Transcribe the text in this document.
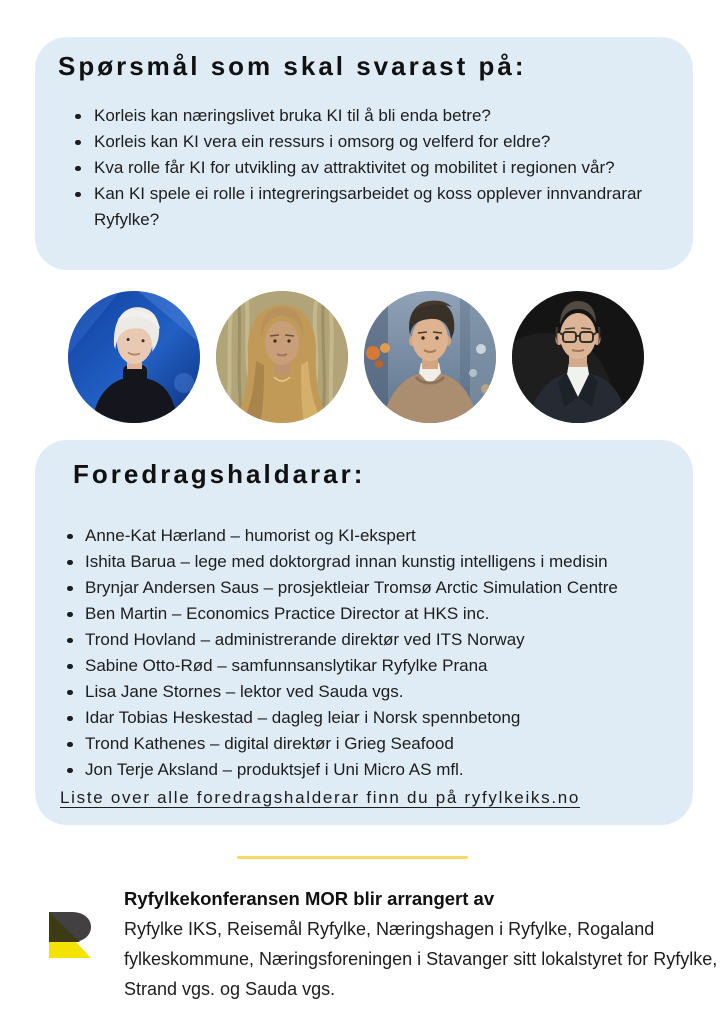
Spørsmål som skal svarast på:
Korleis kan næringslivet bruka KI til å bli enda betre?
Korleis kan KI vera ein ressurs i omsorg og velferd for eldre?
Kva rolle får KI for utvikling av attraktivitet og mobilitet i regionen vår?
Kan KI spele ei rolle i integreringsarbeidet og koss opplever innvandrarar Ryfylke?
Foredragshaldarar:
Anne-Kat Hærland – humorist og KI-ekspert
Ishita Barua – lege med doktorgrad innan kunstig intelligens i medisin
Brynjar Andersen Saus – prosjektleiar Tromsø Arctic Simulation Centre
Ben Martin – Economics Practice Director at HKS inc.
Trond Hovland – administrerande direktør ved ITS Norway
Sabine Otto-Rød – samfunnsanslytikar Ryfylke Prana
Lisa Jane Stornes – lektor ved Sauda vgs.
Idar Tobias Heskestad – dagleg leiar i Norsk spennbetong
Trond Kathenes – digital direktør i Grieg Seafood
Jon Terje Aksland – produktsjef i Uni Micro AS mfl.
Liste over alle foredragshalderar finn du på ryfylkeiks.no

Ryfylkekonferansen MOR blir arrangert av

Ryfylke IKS, Reisemål Ryfylke, Næringshagen i Ryfylke, Rogaland fylkeskommune, Næringsforeningen i Stavanger sitt lokalstyret for Ryfylke, Strand vgs. og Sauda vgs.
